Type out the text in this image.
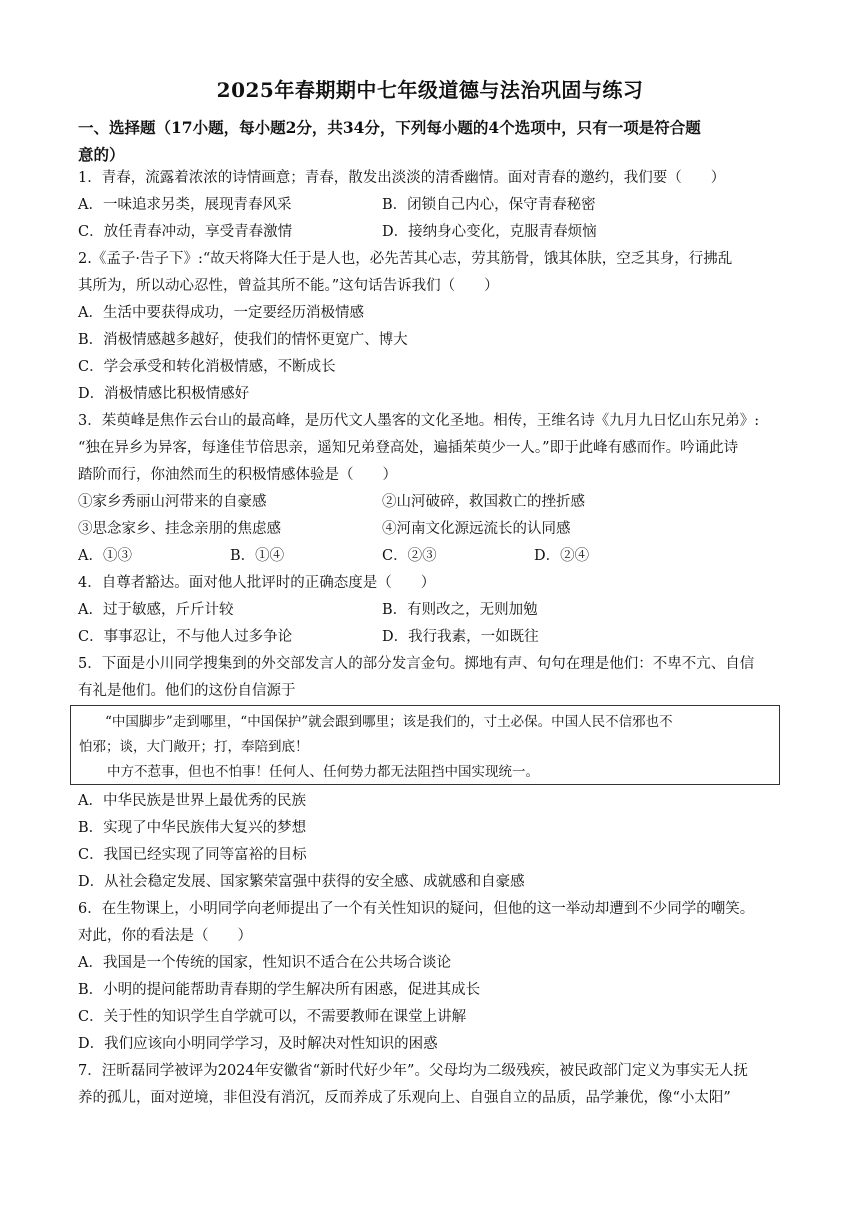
2025年春期期中七年级道德与法治巩固与练习
一、选择题（17小题，每小题2分，共34分，下列每小题的4个选项中，只有一项是符合题
意的）
1．青春，流露着浓浓的诗情画意；青春，散发出淡淡的清香幽情。面对青春的邀约，我们要（　　）
A．一味追求另类，展现青春风采	B．闭锁自己内心，保守青春秘密
C．放任青春冲动，享受青春激情	D．接纳身心变化，克服青春烦恼
2.《孟子·告子下》:“故天将降大任于是人也，必先苦其心志，劳其筋骨，饿其体肤，空乏其身，行拂乱
其所为，所以动心忍性，曾益其所不能。”这句话告诉我们（　　）
A．生活中要获得成功，一定要经历消极情感
B．消极情感越多越好，使我们的情怀更宽广、博大
C．学会承受和转化消极情感，不断成长
D．消极情感比积极情感好
3．茱萸峰是焦作云台山的最高峰，是历代文人墨客的文化圣地。相传，王维名诗《九月九日忆山东兄弟》:
“独在异乡为异客，每逢佳节倍思亲，遥知兄弟登高处，遍插茱萸少一人。”即于此峰有感而作。吟诵此诗
踏阶而行，你油然而生的积极情感体验是（　　）
①家乡秀丽山河带来的自豪感	②山河破碎，救国救亡的挫折感
③思念家乡、挂念亲朋的焦虑感	④河南文化源远流长的认同感
A．①③	B．①④	C．②③	D．②④
4．自尊者豁达。面对他人批评时的正确态度是（　　）
A．过于敏感，斤斤计较	B．有则改之，无则加勉
C．事事忍让，不与他人过多争论	D．我行我素，一如既往
5．下面是小川同学搜集到的外交部发言人的部分发言金句。掷地有声、句句在理是他们：不卑不亢、自信
有礼是他们。他们的这份自信源于
“中国脚步”走到哪里，“中国保护”就会跟到哪里；该是我们的，寸土必保。中国人民不信邪也不
怕邪；谈，大门敞开；打，奉陪到底！
中方不惹事，但也不怕事！任何人、任何势力都无法阻挡中国实现统一。
A．中华民族是世界上最优秀的民族
B．实现了中华民族伟大复兴的梦想
C．我国已经实现了同等富裕的目标
D．从社会稳定发展、国家繁荣富强中获得的安全感、成就感和自豪感
6．在生物课上，小明同学向老师提出了一个有关性知识的疑问，但他的这一举动却遭到不少同学的嘲笑。
对此，你的看法是（　　）
A．我国是一个传统的国家，性知识不适合在公共场合谈论
B．小明的提问能帮助青春期的学生解决所有困惑，促进其成长
C．关于性的知识学生自学就可以，不需要教师在课堂上讲解
D．我们应该向小明同学学习，及时解决对性知识的困惑
7．汪昕磊同学被评为2024年安徽省“新时代好少年”。父母均为二级残疾，被民政部门定义为事实无人抚
养的孤儿，面对逆境，非但没有消沉，反而养成了乐观向上、自强自立的品质，品学兼优，像“小太阳”
